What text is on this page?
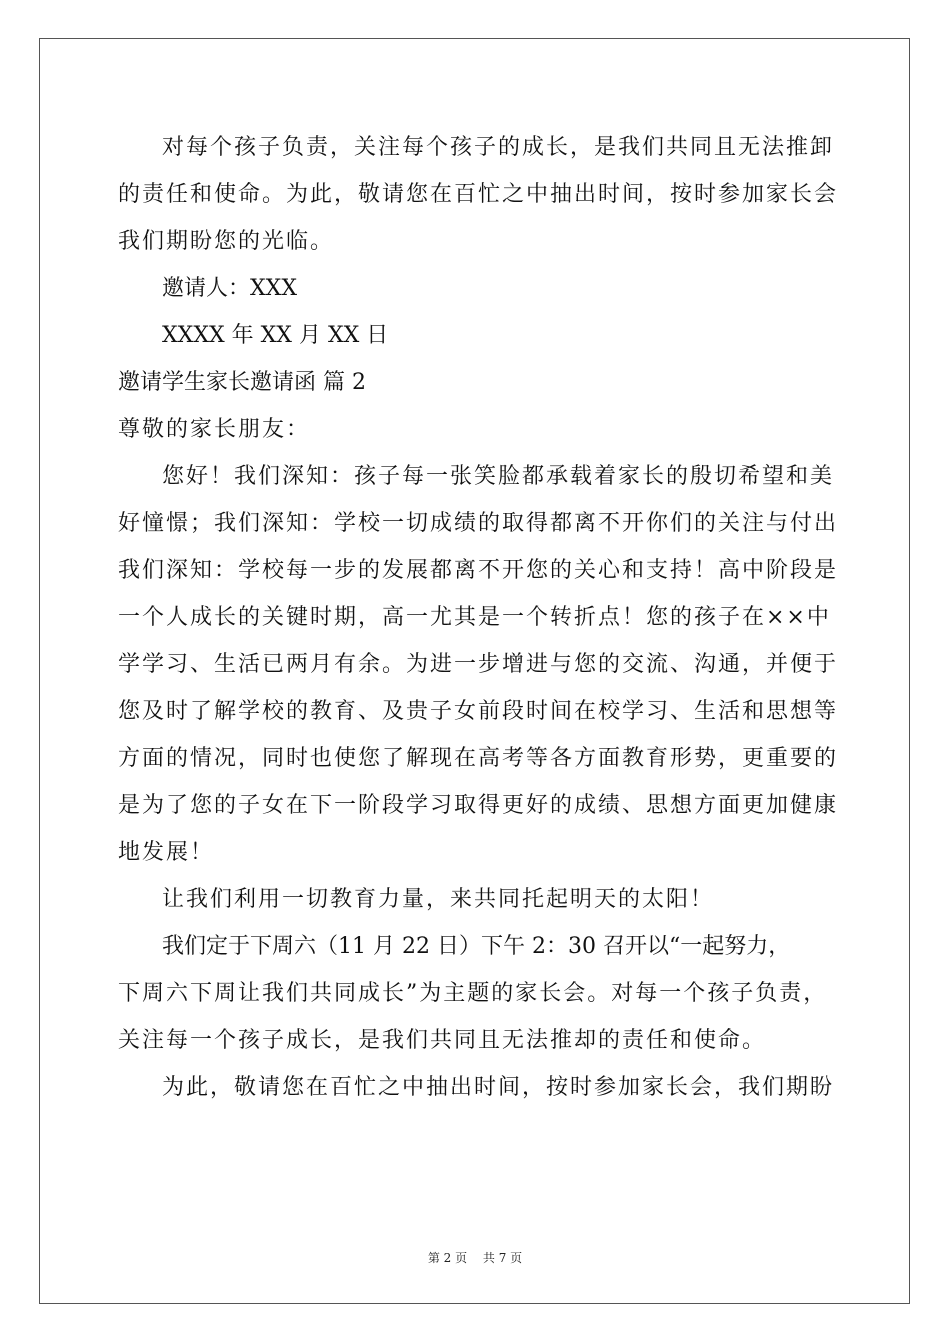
对每个孩子负责，关注每个孩子的成长，是我们共同且无法推卸
的责任和使命。为此，敬请您在百忙之中抽出时间，按时参加家长会
我们期盼您的光临。
邀请人：XXX
XXXX 年 XX 月 XX 日
邀请学生家长邀请函 篇 2
尊敬的家长朋友：
您好！我们深知：孩子每一张笑脸都承载着家长的殷切希望和美
好憧憬；我们深知：学校一切成绩的取得都离不开你们的关注与付出
我们深知：学校每一步的发展都离不开您的关心和支持！高中阶段是
一个人成长的关键时期，高一尤其是一个转折点！您的孩子在××中
学学习、生活已两月有余。为进一步增进与您的交流、沟通，并便于
您及时了解学校的教育、及贵子女前段时间在校学习、生活和思想等
方面的情况，同时也使您了解现在高考等各方面教育形势，更重要的
是为了您的子女在下一阶段学习取得更好的成绩、思想方面更加健康
地发展！
让我们利用一切教育力量，来共同托起明天的太阳！
我们定于下周六（11 月 22 日）下午 2：30 召开以“一起努力，
下周六下周让我们共同成长”为主题的家长会。对每一个孩子负责，
关注每一个孩子成长，是我们共同且无法推却的责任和使命。
为此，敬请您在百忙之中抽出时间，按时参加家长会，我们期盼
第 2 页 共 7 页
